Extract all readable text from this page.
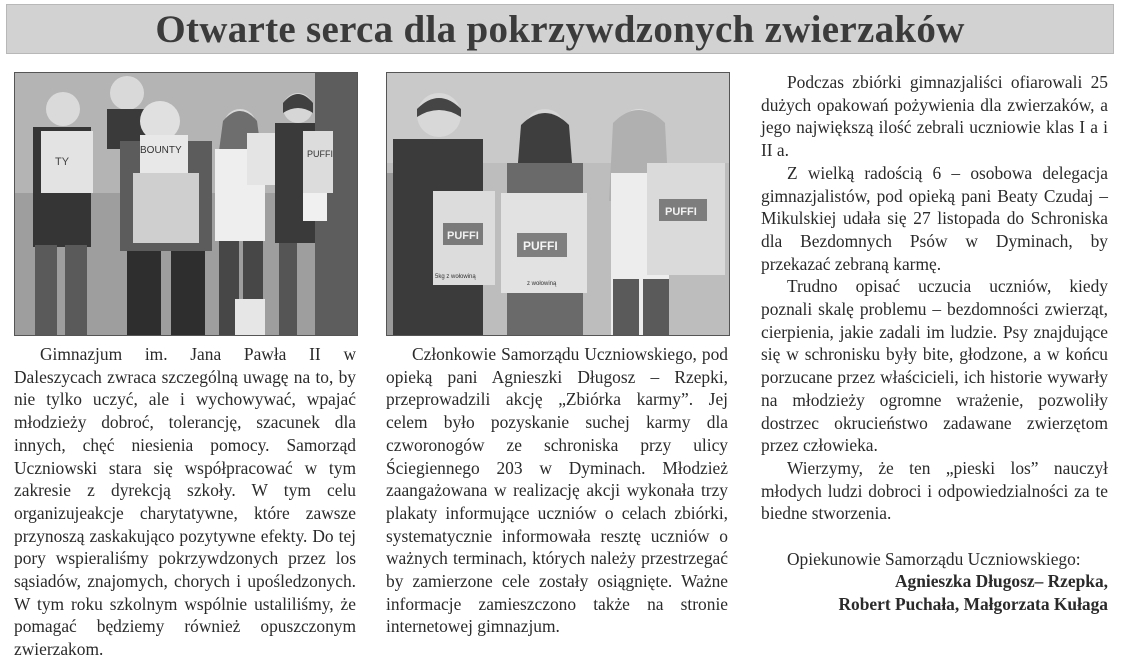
Otwarte serca dla pokrzywdzonych zwierzaków
TY
BOUNTY	PUFFI
PUFFI
5kg z wołowiną
PUFFI
z wołowiną
PUFFI

Gimnazjum im. Jana Pawła II w Daleszycach zwraca szczególną uwagę na to, by nie tylko uczyć, ale i wychowywać, wpajać młodzieży dobroć, tolerancję, szacunek dla innych, chęć niesienia pomocy. Samorząd Uczniowski stara się współpracować w tym zakresie z dyrekcją szkoły. W tym celu organizujeakcje charytatywne, które zawsze przynoszą zaskakująco pozytywne efekty. Do tej pory wspieraliśmy pokrzywdzonych przez los sąsiadów, znajomych, chorych i upośledzonych. W tym roku szkolnym wspólnie ustaliliśmy, że pomagać będziemy również opuszczonym zwierzakom.

Członkowie Samorządu Uczniowskiego, pod opieką pani Agnieszki Długosz – Rzepki, przeprowadzili akcję „Zbiórka karmy”. Jej celem było pozyskanie suchej karmy dla czworonogów ze schroniska przy ulicy Ściegiennego 203 w Dyminach. Młodzież zaangażowana w realizację akcji wykonała trzy plakaty informujące uczniów o celach zbiórki, systematycznie informowała resztę uczniów o ważnych terminach, których należy przestrzegać by zamierzone cele zostały osiągnięte. Ważne informacje zamieszczono także na stronie internetowej gimnazjum.

Podczas zbiórki gimnazjaliści ofiarowali 25 dużych opakowań pożywienia dla zwierzaków, a jego największą ilość zebrali uczniowie klas I a i II a.

Z wielką radością 6 – osobowa delegacja gimnazjalistów, pod opieką pani Beaty Czudaj – Mikulskiej udała się 27 listopada do Schroniska dla Bezdomnych Psów w Dyminach, by przekazać zebraną karmę.

Trudno opisać uczucia uczniów, kiedy poznali skalę problemu – bezdomności zwierząt, cierpienia, jakie zadali im ludzie. Psy znajdujące się w schronisku były bite, głodzone, a w końcu porzucane przez właścicieli, ich historie wywarły na młodzieży ogromne wrażenie, pozwoliły dostrzec okrucieństwo zadawane zwierzętom przez człowieka.

Wierzymy, że ten „pieski los” nauczył młodych ludzi dobroci i odpowiedzialności za te biedne stworzenia.

Opiekunowie Samorządu Uczniowskiego:

Agnieszka Długosz– Rzepka,

Robert Puchała, Małgorzata Kułaga
